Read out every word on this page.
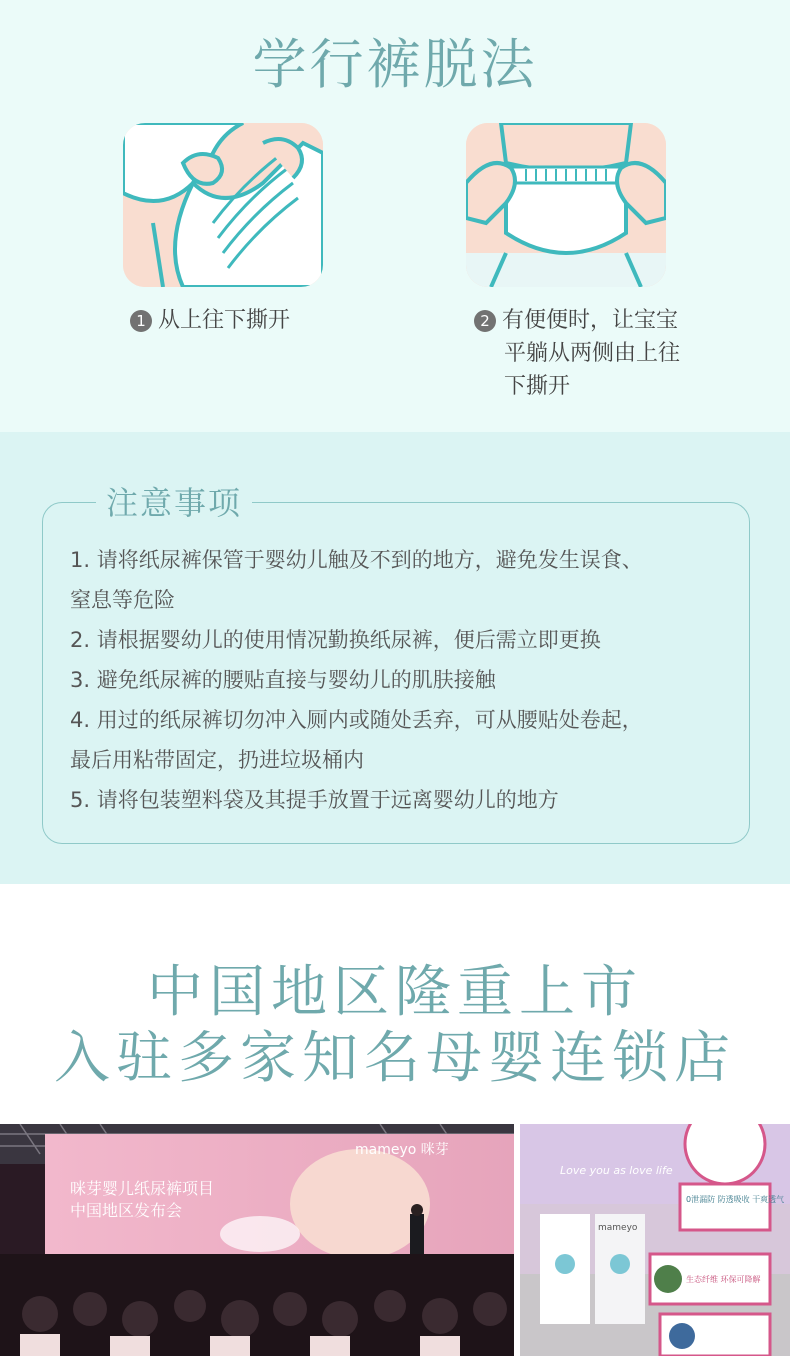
学行裤脱法
1 从上往下撕开	2 有便便时，让宝宝
平躺从两侧由上往
下撕开
注意事项
1. 请将纸尿裤保管于婴幼儿触及不到的地方，避免发生误食、
窒息等危险
2. 请根据婴幼儿的使用情况勤换纸尿裤，便后需立即更换
3. 避免纸尿裤的腰贴直接与婴幼儿的肌肤接触
4. 用过的纸尿裤切勿冲入厕内或随处丢弃，可从腰贴处卷起，
最后用粘带固定，扔进垃圾桶内
5. 请将包装塑料袋及其提手放置于远离婴幼儿的地方
中国地区隆重上市
入驻多家知名母婴连锁店
mameyo 咪芽
咪芽婴儿纸尿裤项目
中国地区发布会
Love you as love life
mameyo
0泄漏防 防透吸收 干爽透气
生态纤维 环保可降解
